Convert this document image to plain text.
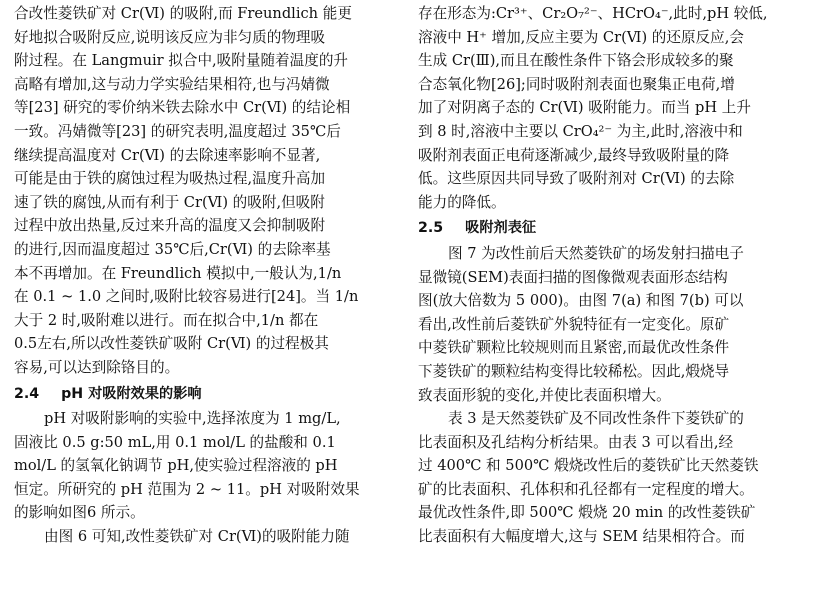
合改性菱铁矿对 Cr(Ⅵ) 的吸附,而 Freundlich 能更
好地拟合吸附反应,说明该反应为非匀质的物理吸
附过程。在 Langmuir 拟合中,吸附量随着温度的升
高略有增加,这与动力学实验结果相符,也与冯婧微
等[23] 研究的零价纳米铁去除水中 Cr(Ⅵ) 的结论相
一致。冯婧微等[23] 的研究表明,温度超过 35℃后
继续提高温度对 Cr(Ⅵ) 的去除速率影响不显著,
可能是由于铁的腐蚀过程为吸热过程,温度升高加
速了铁的腐蚀,从而有利于 Cr(Ⅵ) 的吸附,但吸附
过程中放出热量,反过来升高的温度又会抑制吸附
的进行,因而温度超过 35℃后,Cr(Ⅵ) 的去除率基
本不再增加。在 Freundlich 模拟中,一般认为,1/n
在 0.1 ~ 1.0 之间时,吸附比较容易进行[24]。当 1/n
大于 2 时,吸附难以进行。而在拟合中,1/n 都在
0.5左右,所以改性菱铁矿吸附 Cr(Ⅵ) 的过程极其
容易,可以达到除铬目的。
2.4 pH 对吸附效果的影响
pH 对吸附影响的实验中,选择浓度为 1 mg/L,
固液比 0.5 g:50 mL,用 0.1 mol/L 的盐酸和 0.1
mol/L 的氢氧化钠调节 pH,使实验过程溶液的 pH
恒定。所研究的 pH 范围为 2 ~ 11。pH 对吸附效果
的影响如图6 所示。
由图 6 可知,改性菱铁矿对 Cr(Ⅵ)的吸附能力随
存在形态为:Cr³⁺、Cr₂O₇²⁻、HCrO₄⁻,此时,pH 较低,
溶液中 H⁺ 增加,反应主要为 Cr(Ⅵ) 的还原反应,会
生成 Cr(Ⅲ),而且在酸性条件下铬会形成较多的聚
合态氧化物[26];同时吸附剂表面也聚集正电荷,增
加了对阴离子态的 Cr(Ⅵ) 吸附能力。而当 pH 上升
到 8 时,溶液中主要以 CrO₄²⁻ 为主,此时,溶液中和
吸附剂表面正电荷逐渐减少,最终导致吸附量的降
低。这些原因共同导致了吸附剂对 Cr(Ⅵ) 的去除
能力的降低。
2.5 吸附剂表征
图 7 为改性前后天然菱铁矿的场发射扫描电子
显微镜(SEM)表面扫描的图像微观表面形态结构
图(放大倍数为 5 000)。由图 7(a) 和图 7(b) 可以
看出,改性前后菱铁矿外貌特征有一定变化。原矿
中菱铁矿颗粒比较规则而且紧密,而最优改性条件
下菱铁矿的颗粒结构变得比较稀松。因此,煅烧导
致表面形貌的变化,并使比表面积增大。
表 3 是天然菱铁矿及不同改性条件下菱铁矿的
比表面积及孔结构分析结果。由表 3 可以看出,经
过 400℃ 和 500℃ 煅烧改性后的菱铁矿比天然菱铁
矿的比表面积、孔体积和孔径都有一定程度的增大。
最优改性条件,即 500℃ 煅烧 20 min 的改性菱铁矿
比表面积有大幅度增大,这与 SEM 结果相符合。而
